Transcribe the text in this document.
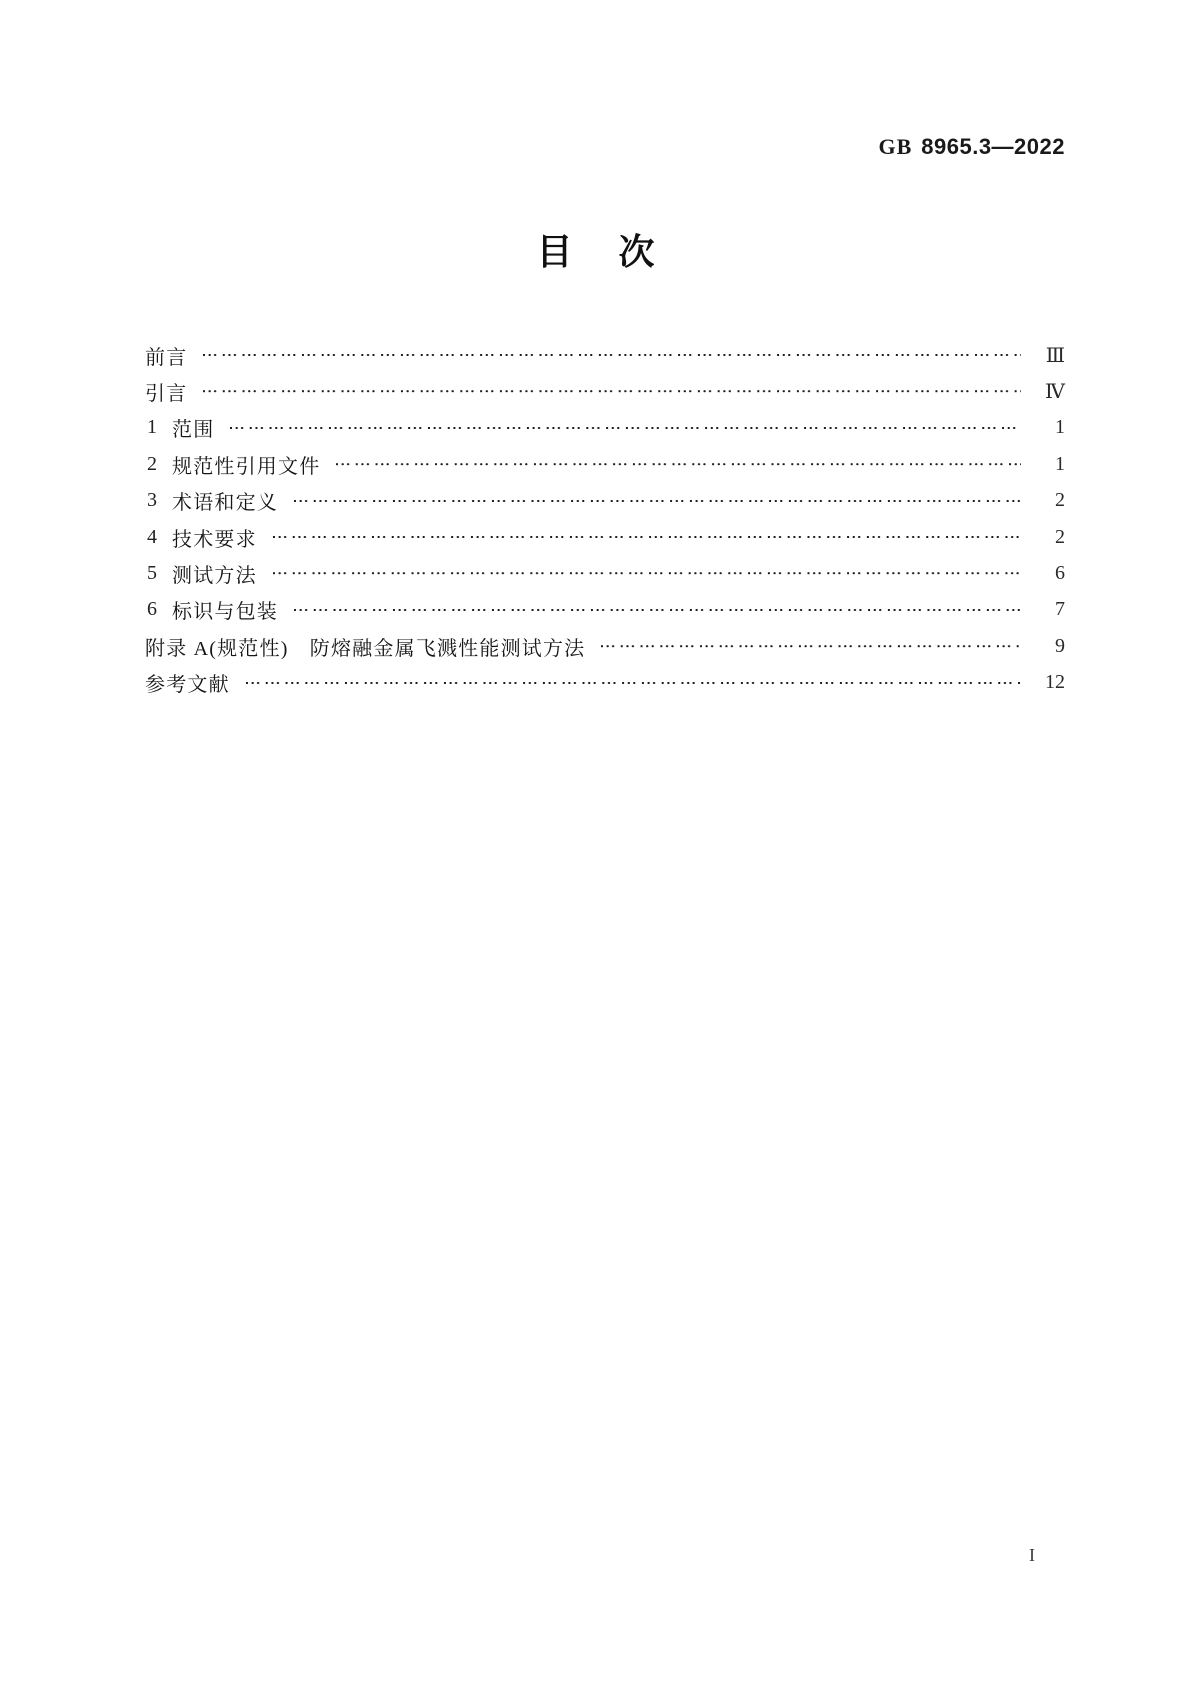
GB 8965.3—2022
目　次
前言	Ⅲ
引言	Ⅳ
1 范围	1
2 规范性引用文件	1
3 术语和定义	2
4 技术要求	2
5 测试方法	6
6 标识与包装	7
附录 A(规范性)　防熔融金属飞溅性能测试方法	9
参考文献	12
I
